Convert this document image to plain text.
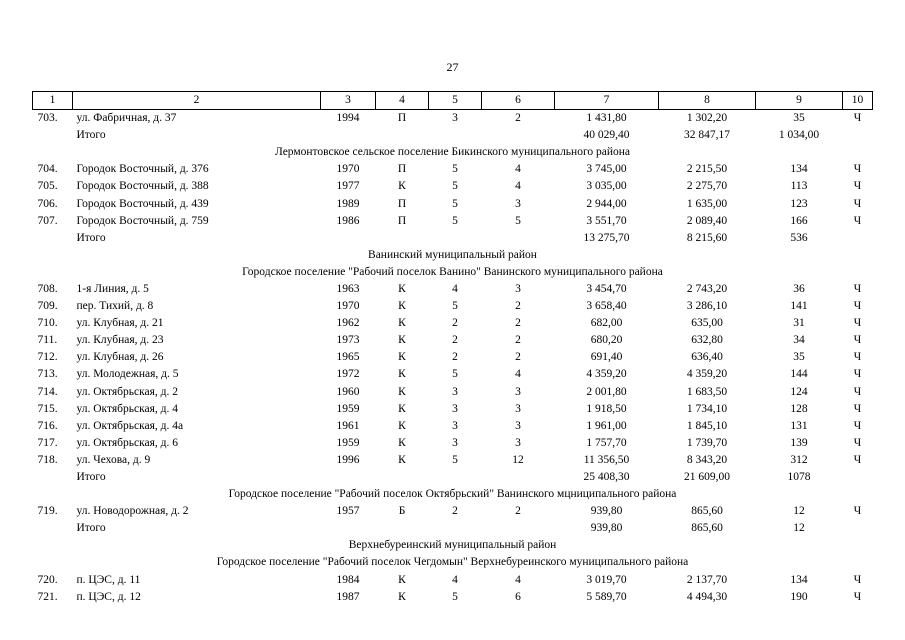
27
1	2	3	4	5	6	7	8	9	10
703.	ул. Фабричная, д. 37	1994	П	3	2	1 431,80	1 302,20	35	Ч
	Итого					40 029,40	32 847,17	1 034,00	
Лермонтовское сельское поселение Бикинского муниципального района									
704.	Городок Восточный, д. 376	1970	П	5	4	3 745,00	2 215,50	134	Ч
705.	Городок Восточный, д. 388	1977	К	5	4	3 035,00	2 275,70	113	Ч
706.	Городок Восточный, д. 439	1989	П	5	3	2 944,00	1 635,00	123	Ч
707.	Городок Восточный, д. 759	1986	П	5	5	3 551,70	2 089,40	166	Ч
	Итого					13 275,70	8 215,60	536	
Ванинский муниципальный район									
Городское поселение "Рабочий поселок Ванино" Ванинского муниципального района									
708.	1-я Линия, д. 5	1963	К	4	3	3 454,70	2 743,20	36	Ч
709.	пер. Тихий, д. 8	1970	К	5	2	3 658,40	3 286,10	141	Ч
710.	ул. Клубная, д. 21	1962	К	2	2	682,00	635,00	31	Ч
711.	ул. Клубная, д. 23	1973	К	2	2	680,20	632,80	34	Ч
712.	ул. Клубная, д. 26	1965	К	2	2	691,40	636,40	35	Ч
713.	ул. Молодежная, д. 5	1972	К	5	4	4 359,20	4 359,20	144	Ч
714.	ул. Октябрьская, д. 2	1960	К	3	3	2 001,80	1 683,50	124	Ч
715.	ул. Октябрьская, д. 4	1959	К	3	3	1 918,50	1 734,10	128	Ч
716.	ул. Октябрьская, д. 4а	1961	К	3	3	1 961,00	1 845,10	131	Ч
717.	ул. Октябрьская, д. 6	1959	К	3	3	1 757,70	1 739,70	139	Ч
718.	ул. Чехова, д. 9	1996	К	5	12	11 356,50	8 343,20	312	Ч
	Итого					25 408,30	21 609,00	1078	
Городское поселение "Рабочий поселок Октябрьский" Ванинского мцниципального района									
719.	ул. Новодорожная, д. 2	1957	Б	2	2	939,80	865,60	12	Ч
	Итого					939,80	865,60	12	
Верхнебуреинский муниципальный район									
Городское поселение "Рабочий поселок Чегдомын" Верхнебуреинского муниципального района									
720.	п. ЦЭС, д. 11	1984	К	4	4	3 019,70	2 137,70	134	Ч
721.	п. ЦЭС, д. 12	1987	К	5	6	5 589,70	4 494,30	190	Ч
